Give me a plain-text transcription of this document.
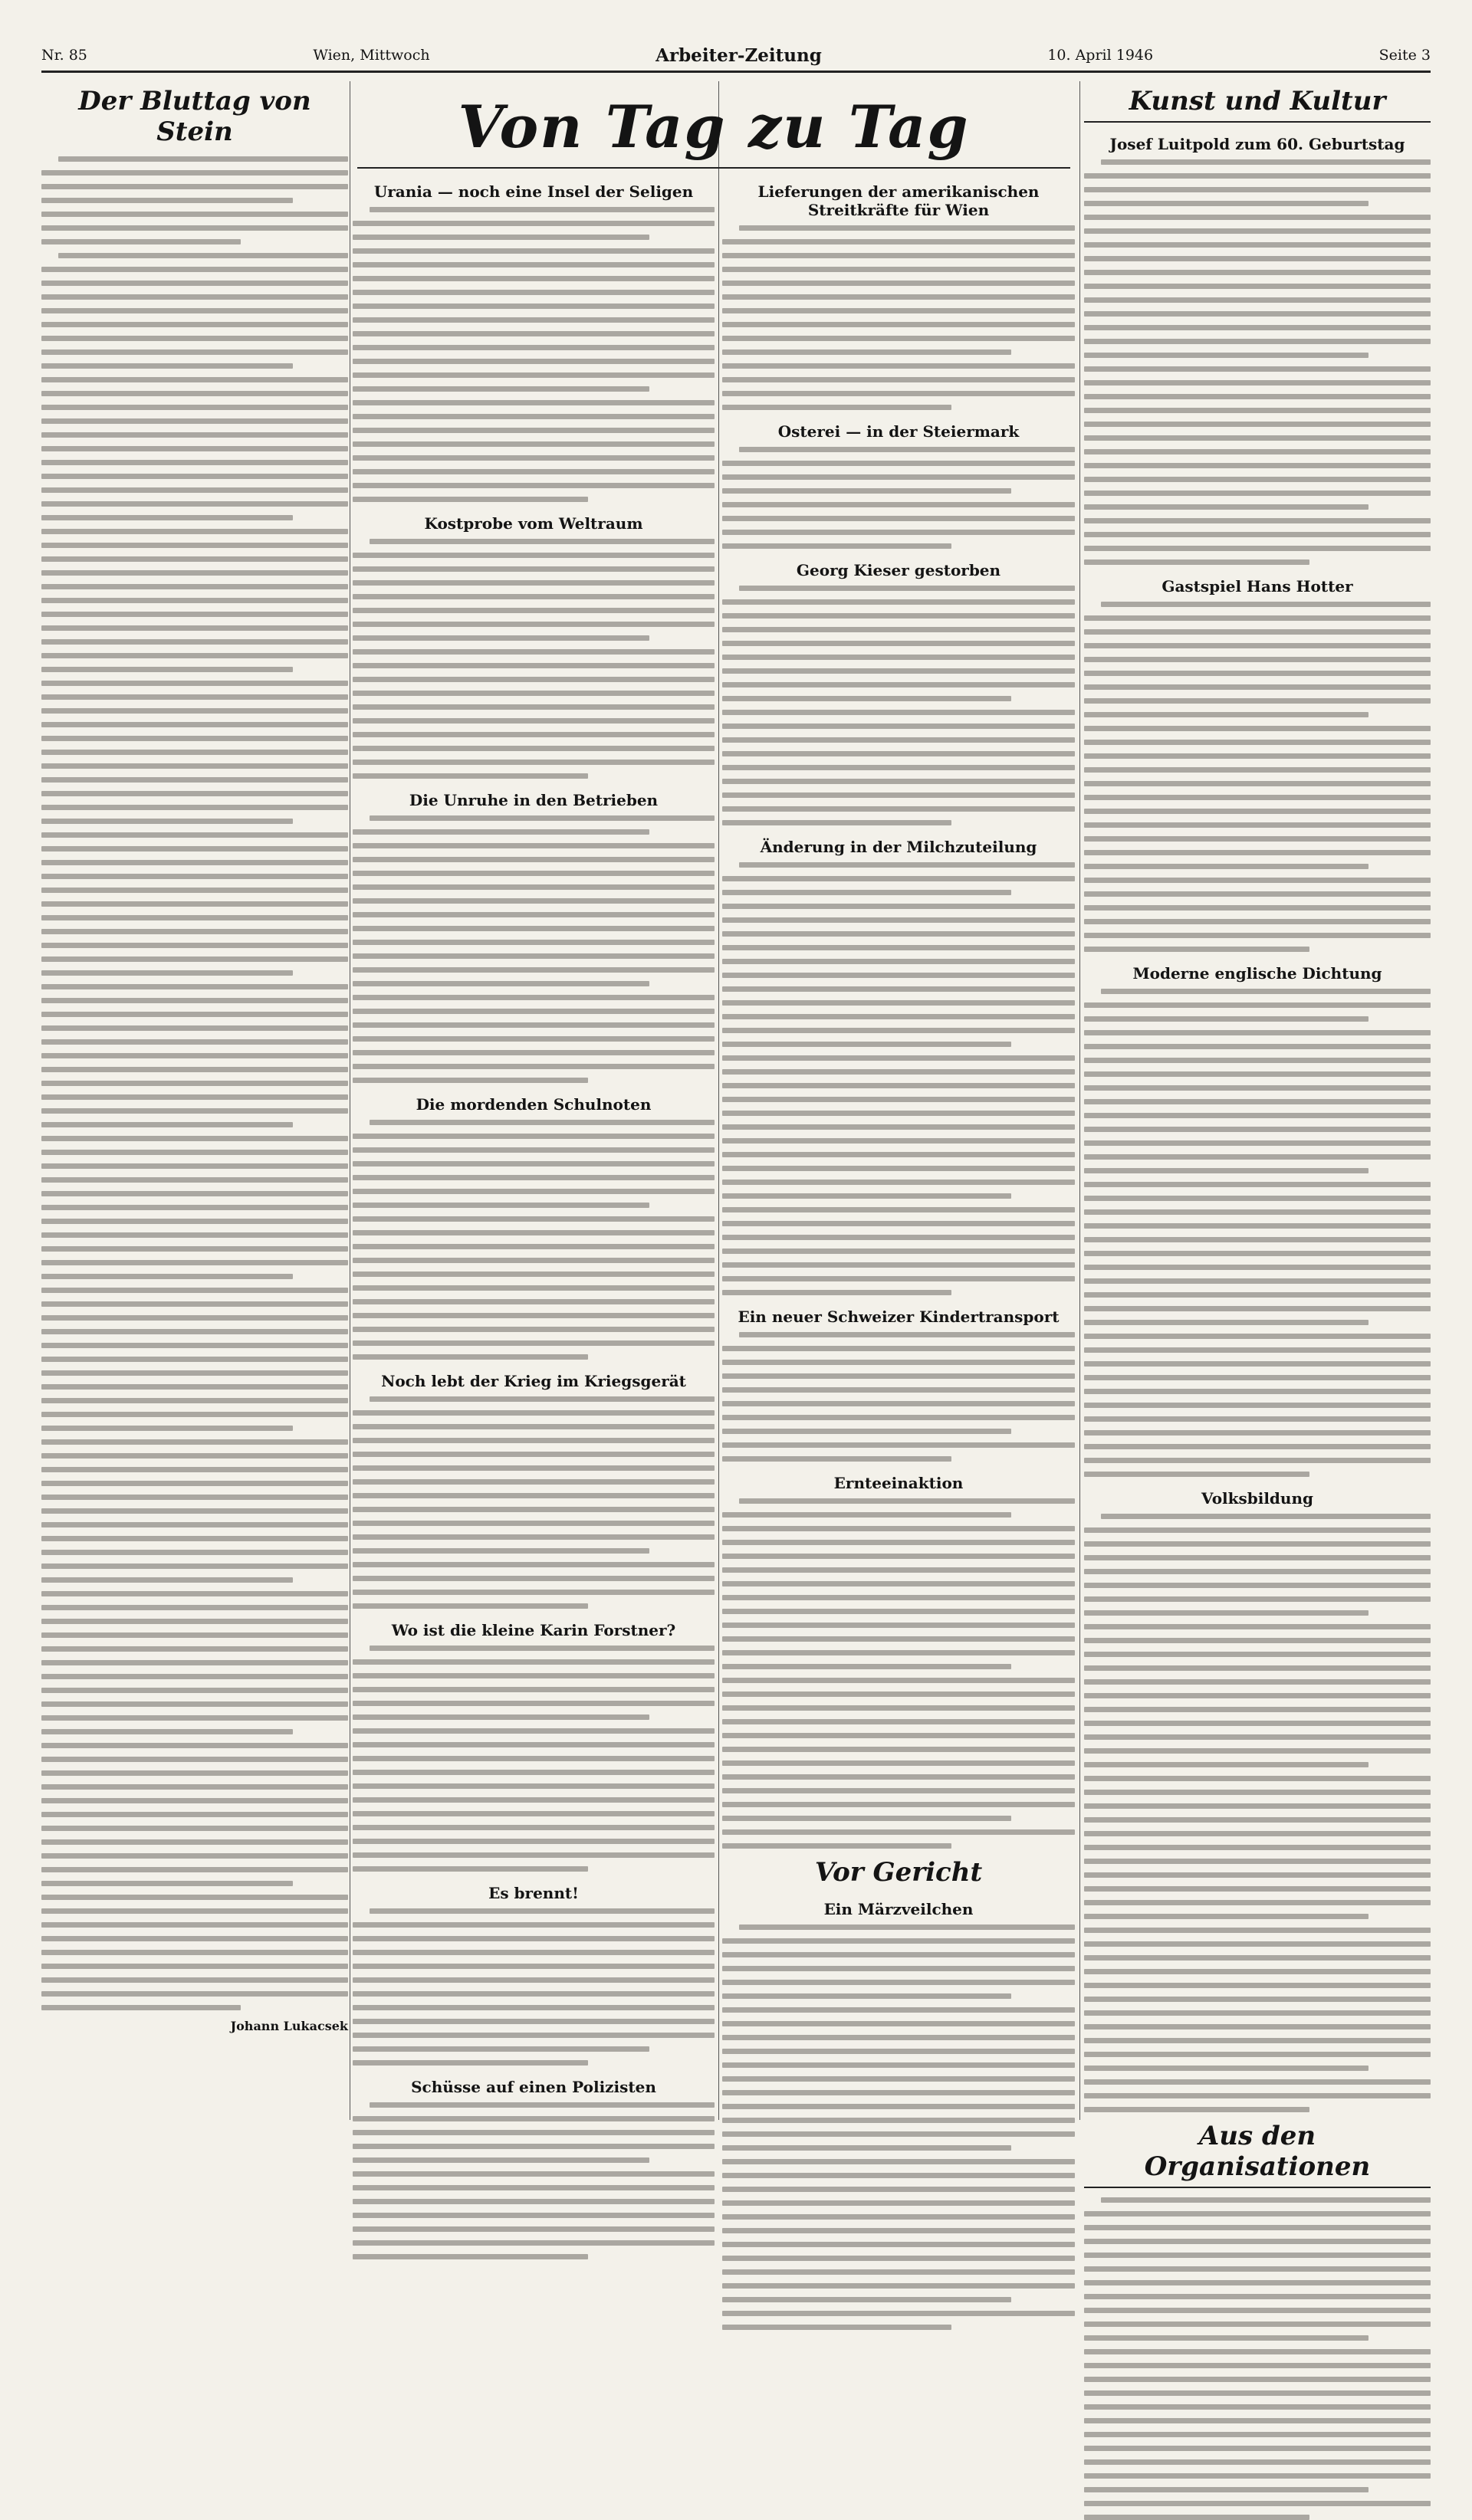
Nr. 85	Wien, Mittwoch	Arbeiter-Zeitung	10. April 1946	Seite 3
Von Tag zu Tag
Der Bluttag von Stein
Johann Lukacsek
Urania — noch eine Insel der Seligen
Kostprobe vom Weltraum
Die Unruhe in den Betrieben
Die mordenden Schulnoten
Noch lebt der Krieg im Kriegsgerät
Wo ist die kleine Karin Forstner?
Es brennt!
Schüsse auf einen Polizisten
Lieferungen der amerikanischen Streitkräfte für Wien
Osterei — in der Steiermark
Georg Kieser gestorben
Änderung in der Milchzuteilung
Ein neuer Schweizer Kindertransport
Ernteeinaktion
Vor Gericht
Ein Märzveilchen
Kunst und Kultur
Josef Luitpold zum 60. Geburtstag
Gastspiel Hans Hotter
Moderne englische Dichtung
Volksbildung
Aus den Organisationen
